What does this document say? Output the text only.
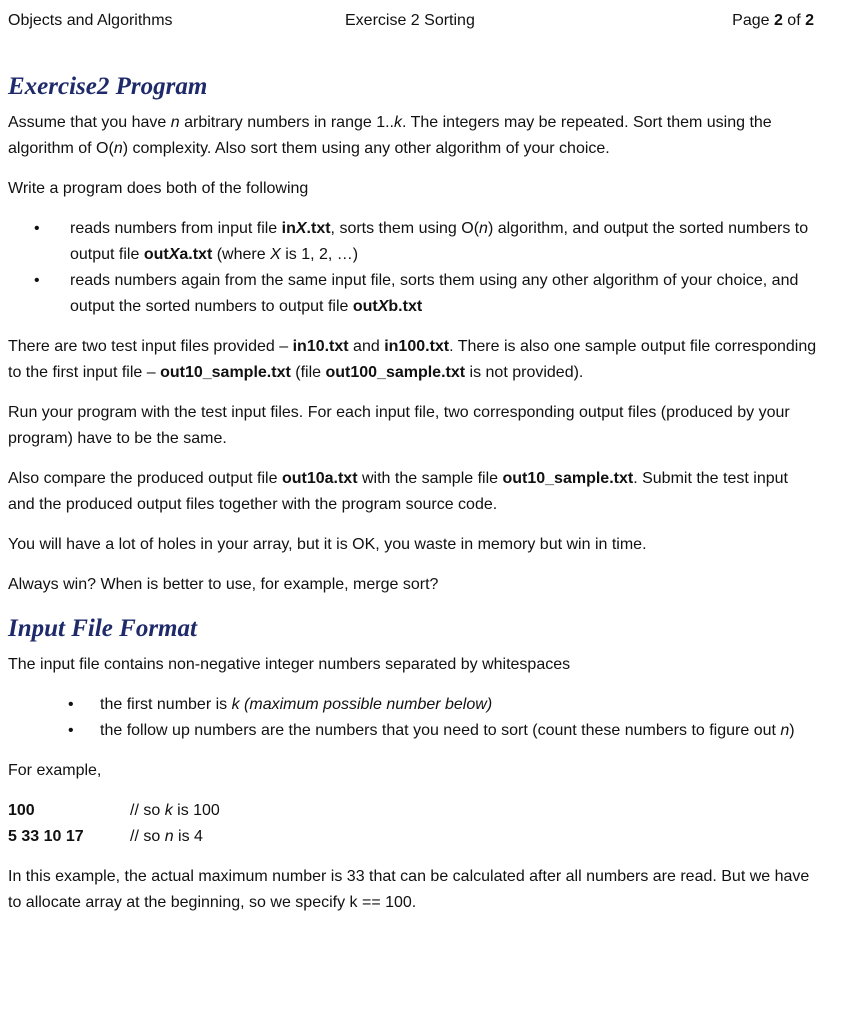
Objects and Algorithms	Exercise 2 Sorting	Page 2 of 2
Exercise2 Program

Assume that you have n arbitrary numbers in range 1..k. The integers may be repeated. Sort them using the algorithm of O(n) complexity. Also sort them using any other algorithm of your choice.

Write a program does both of the following

• reads numbers from input file inX.txt, sorts them using O(n) algorithm, and output the sorted numbers to output file outXa.txt (where X is 1, 2, …)
• reads numbers again from the same input file, sorts them using any other algorithm of your choice, and output the sorted numbers to output file outXb.txt

There are two test input files provided – in10.txt and in100.txt. There is also one sample output file corresponding to the first input file – out10_sample.txt (file out100_sample.txt is not provided).

Run your program with the test input files. For each input file, two corresponding output files (produced by your program) have to be the same.

Also compare the produced output file out10a.txt with the sample file out10_sample.txt. Submit the test input and the produced output files together with the program source code.

You will have a lot of holes in your array, but it is OK, you waste in memory but win in time.

Always win? When is better to use, for example, merge sort?

Input File Format

The input file contains non-negative integer numbers separated by whitespaces

• the first number is k (maximum possible number below)
• the follow up numbers are the numbers that you need to sort (count these numbers to figure out n)

For example,

100	// so k is 100
5 33 10 17	// so n is 4

In this example, the actual maximum number is 33 that can be calculated after all numbers are read. But we have to allocate array at the beginning, so we specify k == 100.
